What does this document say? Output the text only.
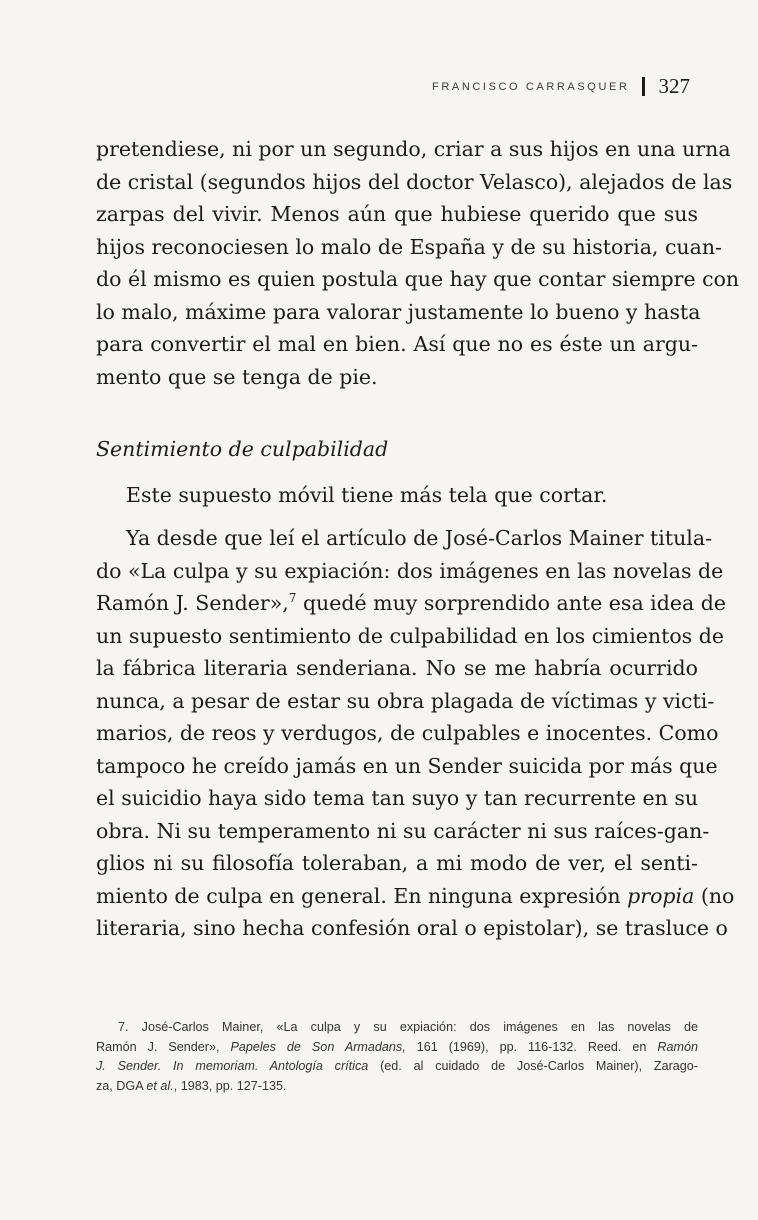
FRANCISCO CARRASQUER 327
pretendiese, ni por un segundo, criar a sus hijos en una urna
de cristal (segundos hijos del doctor Velasco), alejados de las
zarpas del vivir. Menos aún que hubiese querido que sus
hijos reconociesen lo malo de España y de su historia, cuan-
do él mismo es quien postula que hay que contar siempre con
lo malo, máxime para valorar justamente lo bueno y hasta
para convertir el mal en bien. Así que no es éste un argu-
mento que se tenga de pie.
Sentimiento de culpabilidad
Este supuesto móvil tiene más tela que cortar.
Ya desde que leí el artículo de José-Carlos Mainer titula-
do «La culpa y su expiación: dos imágenes en las novelas de
Ramón J. Sender»,$^7$ quedé muy sorprendido ante esa idea de
un supuesto sentimiento de culpabilidad en los cimientos de
la fábrica literaria senderiana. No se me habría ocurrido
nunca, a pesar de estar su obra plagada de víctimas y victi-
marios, de reos y verdugos, de culpables e inocentes. Como
tampoco he creído jamás en un Sender suicida por más que
el suicidio haya sido tema tan suyo y tan recurrente en su
obra. Ni su temperamento ni su carácter ni sus raíces-gan-
glios ni su filosofía toleraban, a mi modo de ver, el senti-
miento de culpa en general. En ninguna expresión propia (no
literaria, sino hecha confesión oral o epistolar), se trasluce o
7. José-Carlos Mainer, «La culpa y su expiación: dos imágenes en las novelas de
Ramón J. Sender», Papeles de Son Armadans, 161 (1969), pp. 116-132. Reed. en Ramón
J. Sender. In memoriam. Antología crítica (ed. al cuidado de José-Carlos Mainer), Zarago-
za, DGA et al., 1983, pp. 127-135.
